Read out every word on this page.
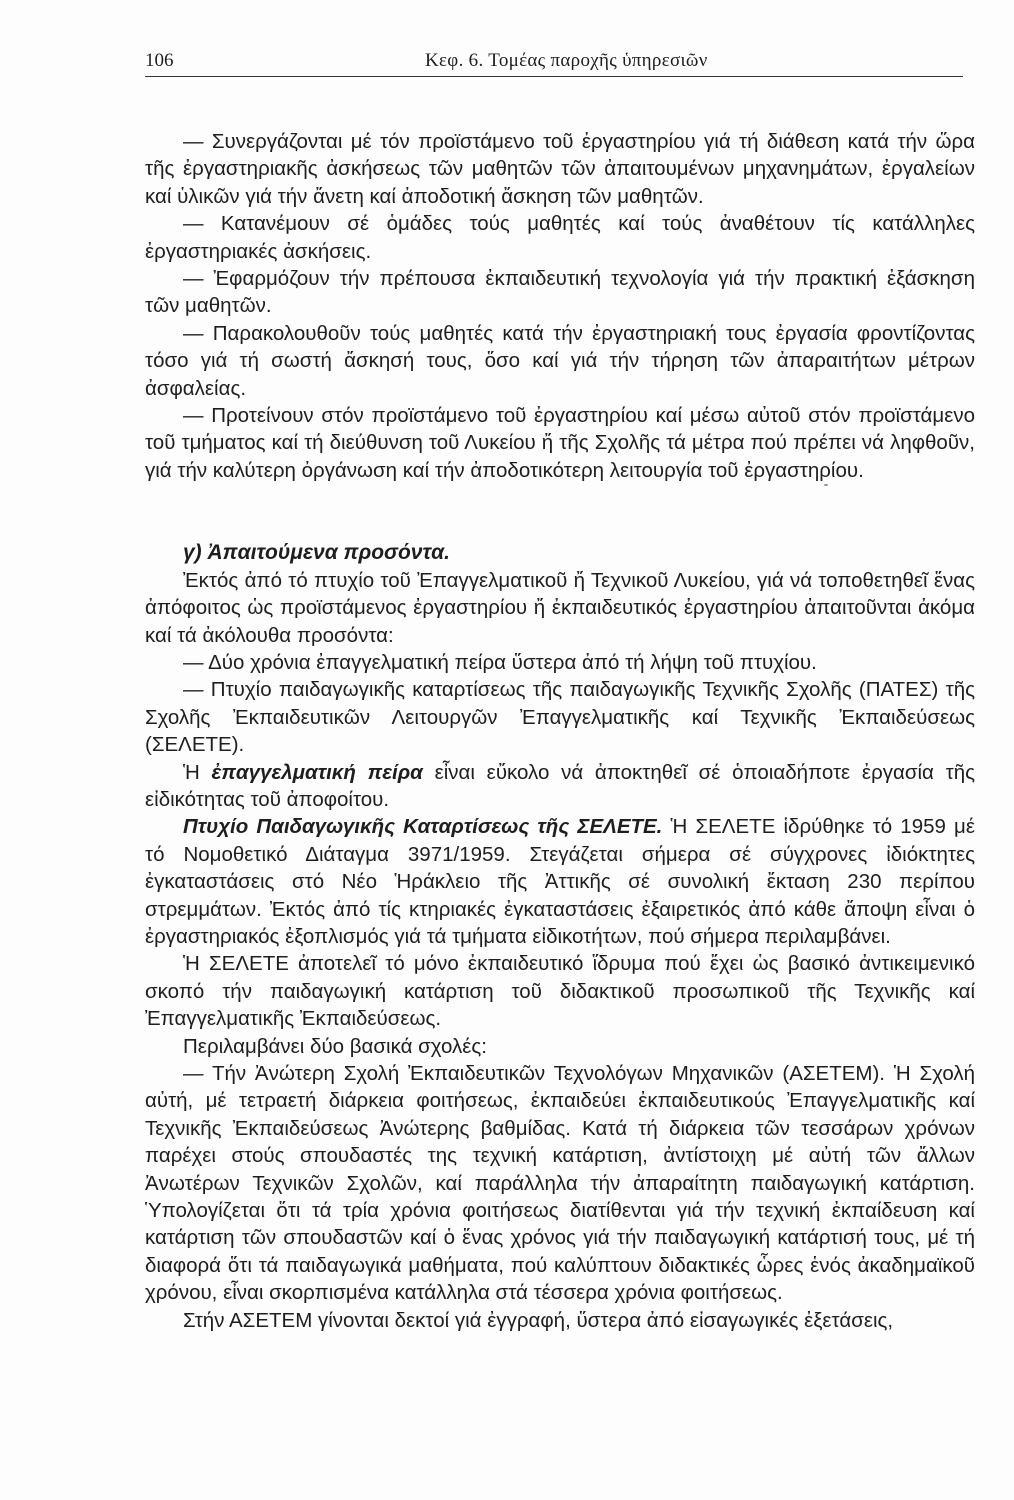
106	Κεφ. 6. Τομέας παροχῆς ὑπηρεσιῶν

— Συνεργάζονται μέ τόν προϊστάμενο τοῦ ἐργαστηρίου γιά τή διάθεση κατά τήν ὥρα τῆς ἐργαστηριακῆς ἀσκήσεως τῶν μαθητῶν τῶν ἀπαιτουμένων μηχανημάτων, ἐργαλείων καί ὑλικῶν γιά τήν ἄνετη καί ἀποδοτική ἄσκηση τῶν μαθητῶν.

— Κατανέμουν σέ ὁμάδες τούς μαθητές καί τούς ἀναθέτουν τίς κατάλληλες ἐργαστηριακές ἀσκήσεις.

— Ἐφαρμόζουν τήν πρέπουσα ἐκπαιδευτική τεχνολογία γιά τήν πρακτική ἐξάσκηση τῶν μαθητῶν.

— Παρακολουθοῦν τούς μαθητές κατά τήν ἐργαστηριακή τους ἐργασία φροντίζοντας τόσο γιά τή σωστή ἄσκησή τους, ὅσο καί γιά τήν τήρηση τῶν ἀπαραιτήτων μέτρων ἀσφαλείας.

— Προτείνουν στόν προϊστάμενο τοῦ ἐργαστηρίου καί μέσω αὐτοῦ στόν προϊστάμενο τοῦ τμήματος καί τή διεύθυνση τοῦ Λυκείου ἤ τῆς Σχολῆς τά μέτρα πού πρέπει νά ληφθοῦν, γιά τήν καλύτερη ὀργάνωση καί τήν ἀποδοτικότερη λειτουργία τοῦ ἐργαστηρίου.

γ) Ἀπαιτούμενα προσόντα.

Ἐκτός ἀπό τό πτυχίο τοῦ Ἐπαγγελματικοῦ ἤ Τεχνικοῦ Λυκείου, γιά νά τοποθετηθεῖ ἕνας ἀπόφοιτος ὡς προϊστάμενος ἐργαστηρίου ἤ ἐκπαιδευτικός ἐργαστηρίου ἀπαιτοῦνται ἀκόμα καί τά ἀκόλουθα προσόντα:

— Δύο χρόνια ἐπαγγελματική πείρα ὕστερα ἀπό τή λήψη τοῦ πτυχίου.

— Πτυχίο παιδαγωγικῆς καταρτίσεως τῆς παιδαγωγικῆς Τεχνικῆς Σχολῆς (ΠΑΤΕΣ) τῆς Σχολῆς Ἐκπαιδευτικῶν Λειτουργῶν Ἐπαγγελματικῆς καί Τεχνικῆς Ἐκπαιδεύσεως (ΣΕΛΕΤΕ).

Ἡ ἐπαγγελματική πείρα εἶναι εὔκολο νά ἀποκτηθεῖ σέ ὁποιαδήποτε ἐργασία τῆς εἰδικότητας τοῦ ἀποφοίτου.

Πτυχίο Παιδαγωγικῆς Καταρτίσεως τῆς ΣΕΛΕΤΕ. Ἡ ΣΕΛΕΤΕ ἱδρύθηκε τό 1959 μέ τό Νομοθετικό Διάταγμα 3971/1959. Στεγάζεται σήμερα σέ σύγχρονες ἰδιόκτητες ἐγκαταστάσεις στό Νέο Ἡράκλειο τῆς Ἀττικῆς σέ συνολική ἔκταση 230 περίπου στρεμμάτων. Ἐκτός ἀπό τίς κτηριακές ἐγκαταστάσεις ἐξαιρετικός ἀπό κάθε ἄποψη εἶναι ὁ ἐργαστηριακός ἐξοπλισμός γιά τά τμήματα εἰδικοτήτων, πού σήμερα περιλαμβάνει.

Ἡ ΣΕΛΕΤΕ ἀποτελεῖ τό μόνο ἐκπαιδευτικό ἵδρυμα πού ἔχει ὡς βασικό ἀντικειμενικό σκοπό τήν παιδαγωγική κατάρτιση τοῦ διδακτικοῦ προσωπικοῦ τῆς Τεχνικῆς καί Ἐπαγγελματικῆς Ἐκπαιδεύσεως.

Περιλαμβάνει δύο βασικά σχολές:

— Τήν Ἀνώτερη Σχολή Ἐκπαιδευτικῶν Τεχνολόγων Μηχανικῶν (ΑΣΕΤΕΜ). Ἡ Σχολή αὐτή, μέ τετραετή διάρκεια φοιτήσεως, ἐκπαιδεύει ἐκπαιδευτικούς Ἐπαγγελματικῆς καί Τεχνικῆς Ἐκπαιδεύσεως Ἀνώτερης βαθμίδας. Κατά τή διάρκεια τῶν τεσσάρων χρόνων παρέχει στούς σπουδαστές της τεχνική κατάρτιση, ἀντίστοιχη μέ αὐτή τῶν ἄλλων Ἀνωτέρων Τεχνικῶν Σχολῶν, καί παράλληλα τήν ἀπαραίτητη παιδαγωγική κατάρτιση. Ὑπολογίζεται ὅτι τά τρία χρόνια φοιτήσεως διατίθενται γιά τήν τεχνική ἐκπαίδευση καί κατάρτιση τῶν σπουδαστῶν καί ὁ ἕνας χρόνος γιά τήν παιδαγωγική κατάρτισή τους, μέ τή διαφορά ὅτι τά παιδαγωγικά μαθήματα, πού καλύπτουν διδακτικές ὧρες ἑνός ἀκαδημαϊκοῦ χρόνου, εἶναι σκορπισμένα κατάλληλα στά τέσσερα χρόνια φοιτήσεως.

Στήν ΑΣΕΤΕΜ γίνονται δεκτοί γιά ἐγγραφή, ὕστερα ἀπό εἰσαγωγικές ἐξετάσεις,
